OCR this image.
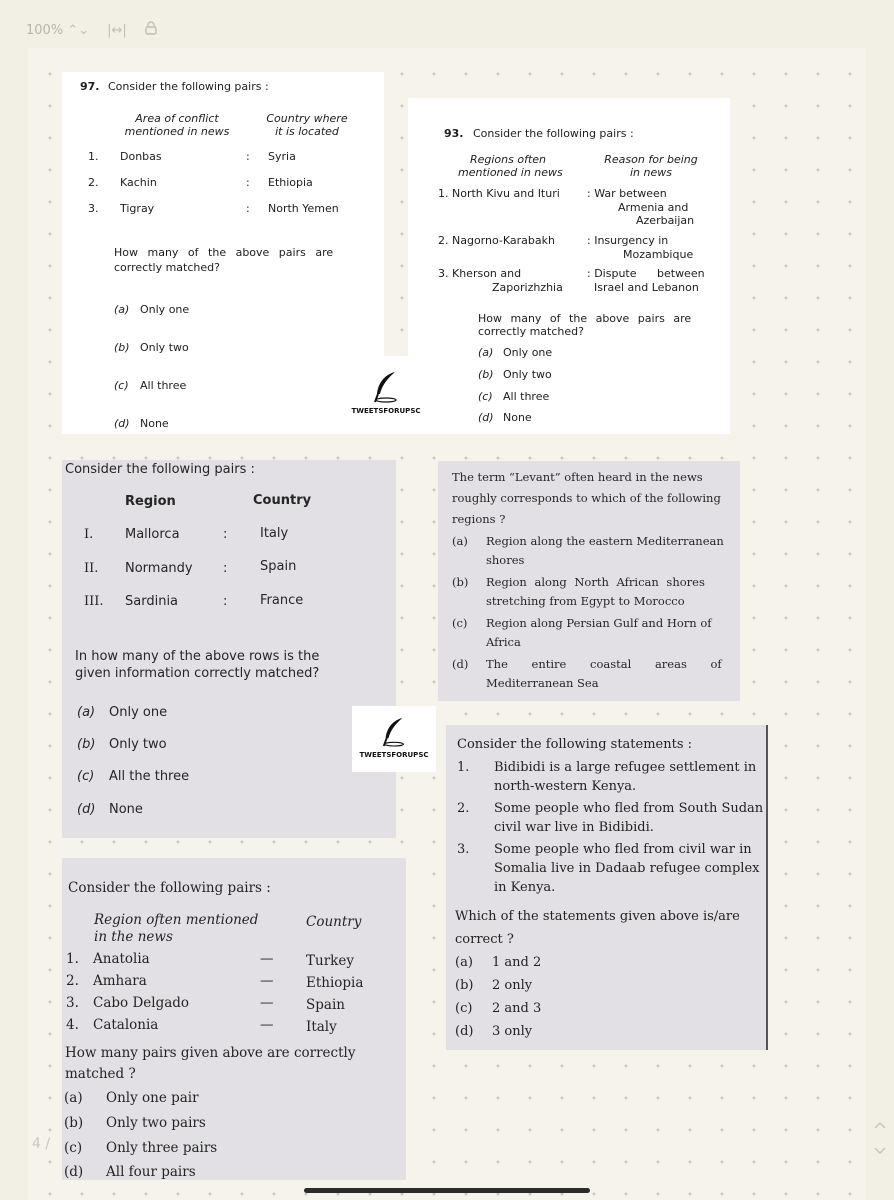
100% ⌃⌄ |↔|
97. Consider the following pairs :
Area of conflict
mentioned in news
Country where
it is located
1. Donbas	: Syria
2. Kachin	: Ethiopia
3. Tigray	: North Yemen
How many of the above pairs are
correctly matched?
(a) Only one
(b) Only two
(c) All three
(d) None
93. Consider the following pairs :
Regions often
mentioned in news
Reason for being
in news
1. North Kivu and Ituri : War between
Armenia and
Azerbaijan
2. Nagorno-Karabakh	: Insurgency in
Mozambique
3. Kherson and
Zaporizhzhia
: Dispute between
Israel and Lebanon
How many of the above pairs are
correctly matched?
(a) Only one
(b) Only two
(c) All three
(d) None
TWEETSFORUPSC
Consider the following pairs :
Region	Country
I. Mallorca	:	Italy
II. Normandy :	Spain
III. Sardinia	:	France
In how many of the above rows is the
given information correctly matched?
(a) Only one
(b) Only two
(c) All the three
(d) None
The term “Levant” often heard in the news
roughly corresponds to which of the following
regions ?
(a) Region along the eastern Mediterranean
shores
(b) Region along North African shores
stretching from Egypt to Morocco
(c) Region along Persian Gulf and Horn of
Africa
(d) The entire coastal areas of
Mediterranean Sea
TWEETSFORUPSC
Consider the following statements :
1. Bidibidi is a large refugee settlement in
north-western Kenya.
2. Some people who fled from South Sudan
civil war live in Bidibidi.
3. Some people who fled from civil war in
Somalia live in Dadaab refugee complex
in Kenya.
Which of the statements given above is/are
correct ?
(a) 1 and 2
(b) 2 only
(c) 2 and 3
(d) 3 only
Consider the following pairs :
Region often mentioned
in the news
Country
1. Anatolia	— Turkey
2. Amhara	— Ethiopia
3. Cabo Delgado	— Spain
4. Catalonia	— Italy
How many pairs given above are correctly
matched ?
(a) Only one pair
(b) Only two pairs
(c) Only three pairs
(d) All four pairs
4 /
